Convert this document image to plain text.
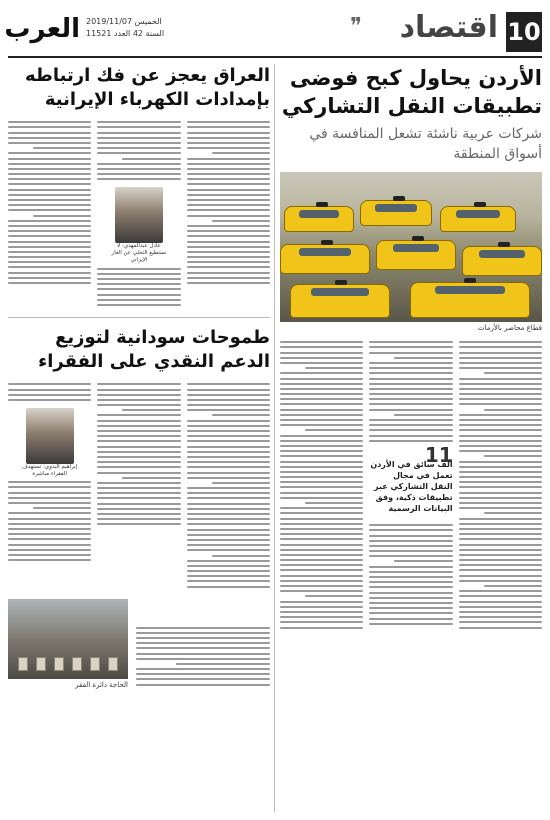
10
اقتصاد
❞
العرب الخميس 2019/11/07
السنة 42 العدد 11521
الأردن يحاول كبح فوضى تطبيقات النقل التشاركي
شركات عربية ناشئة تشعل المنافسة في أسواق المنطقة
قطاع محاصر بالأزمات
11
ألف سائق في الأردن تعمل في مجال النقل التشاركي عبر تطبيقات ذكية، وفق البيانات الرسمية
العراق يعجز عن فك ارتباطه بإمدادات الكهرباء الإيرانية
عادل عبدالمهدي: لا نستطيع التخلي عن الغاز الإيراني
طموحات سودانية لتوزيع الدعم النقدي على الفقراء
إبراهيم البدوي: نستهدف الفقراء مباشرة
الحاجة دائرة الفقر
